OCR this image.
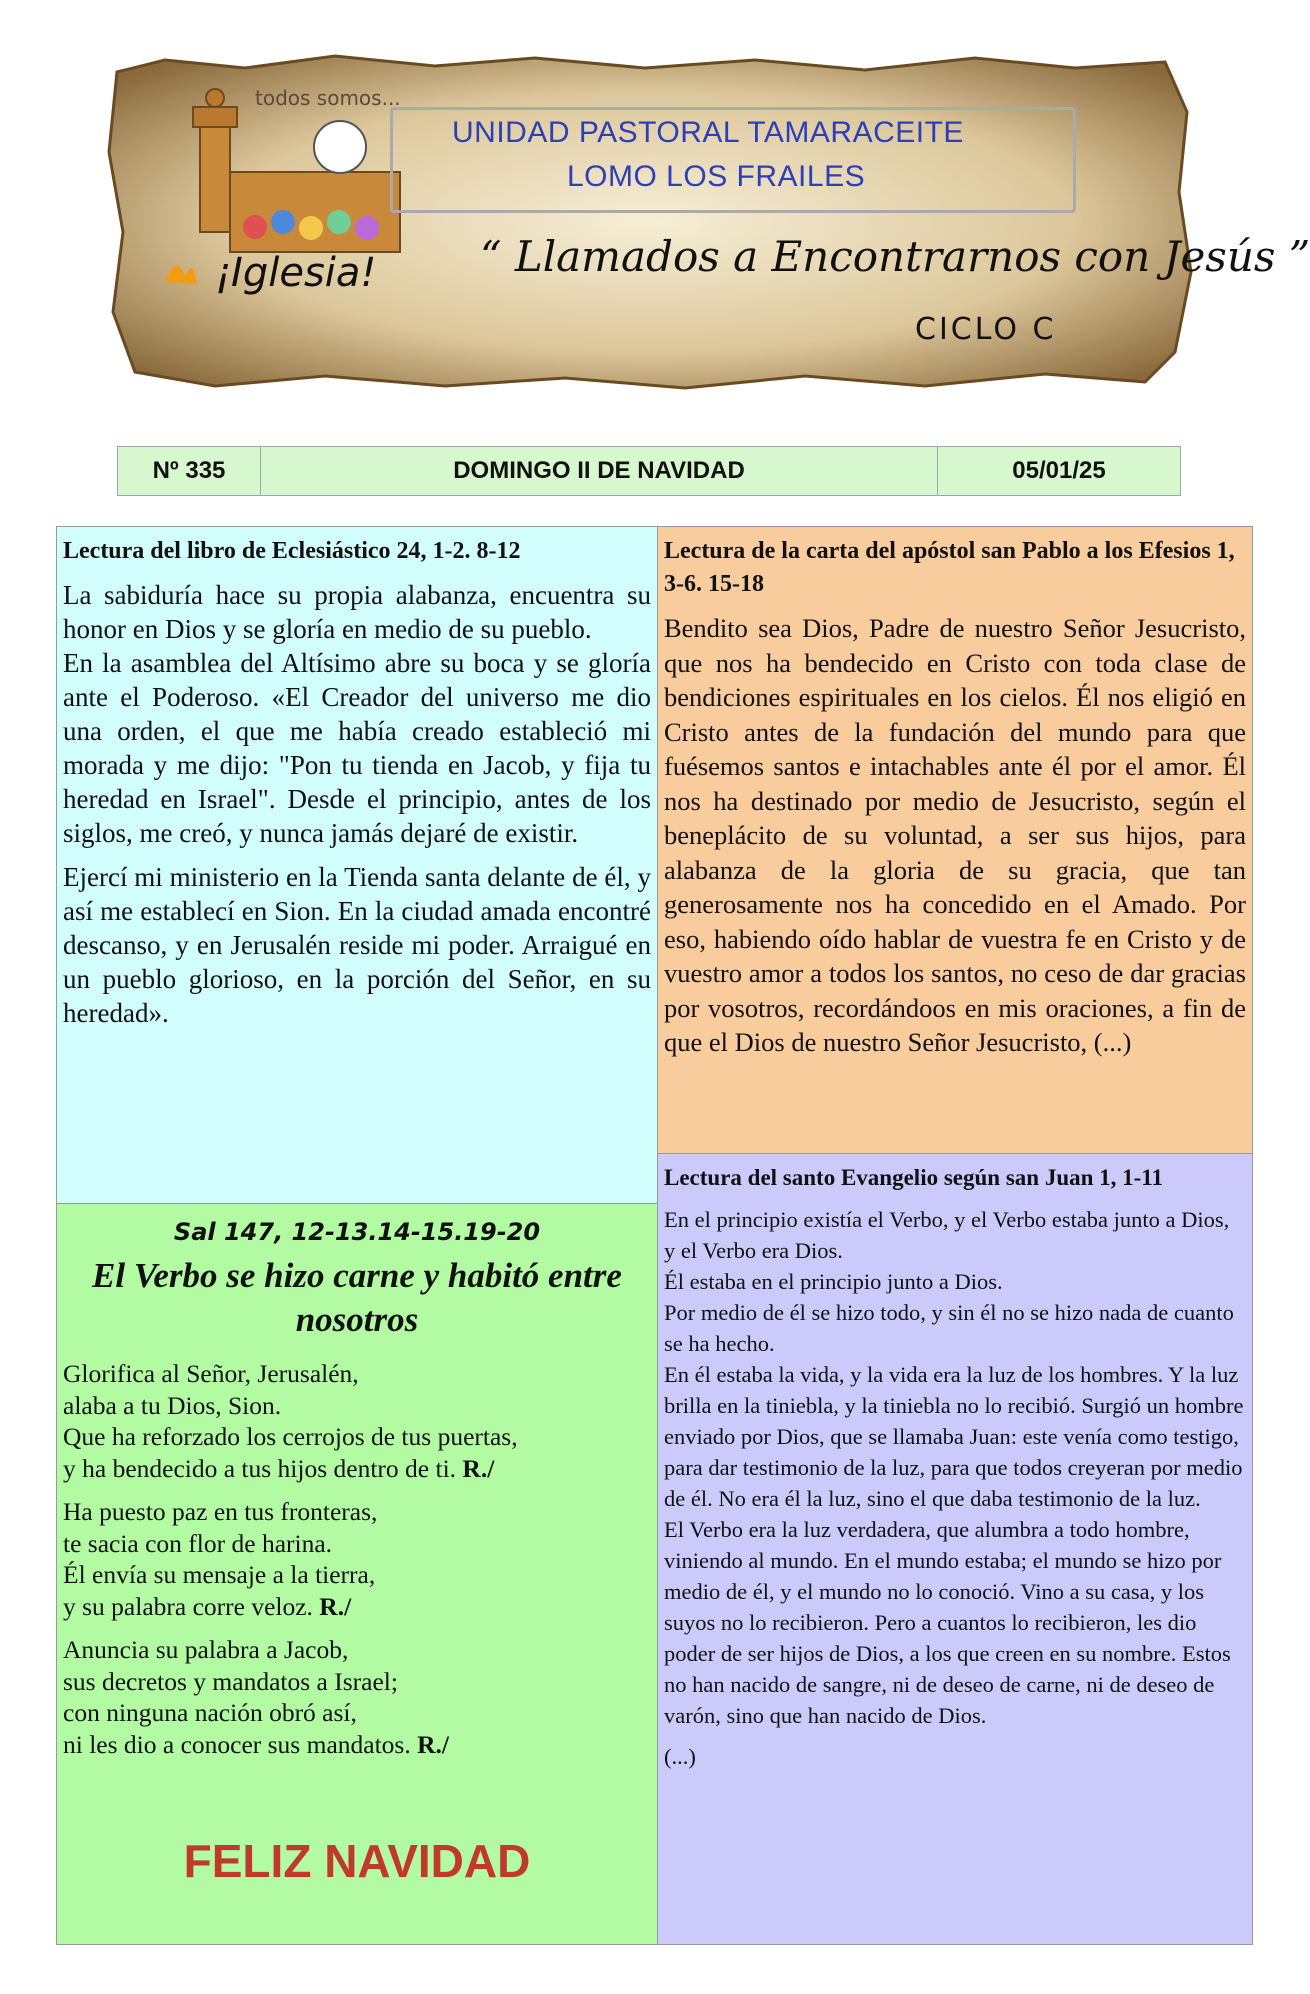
todos somos...
¡Iglesia!
UNIDAD PASTORAL TAMARACEITE
LOMO LOS FRAILES
“ Llamados a Encontrarnos con Jesús ”
CICLO C
Nº 335	DOMINGO II DE NAVIDAD	05/01/25

Lectura del libro de Eclesiástico 24, 1-2. 8-12

La sabiduría hace su propia alabanza, encuentra su honor en Dios y se gloría en medio de su pueblo.

En la asamblea del Altísimo abre su boca y se gloría ante el Poderoso. «El Creador del universo me dio una orden, el que me había creado estableció mi morada y me dijo: "Pon tu tienda en Jacob, y fija tu heredad en Israel". Desde el principio, antes de los siglos, me creó, y nunca jamás dejaré de existir.

Ejercí mi ministerio en la Tienda santa delante de él, y así me establecí en Sion. En la ciudad amada encontré descanso, y en Jerusalén reside mi poder. Arraigué en un pueblo glorioso, en la porción del Señor, en su heredad».

Lectura de la carta del apóstol san Pablo a los Efesios 1, 3-6. 15-18

Bendito sea Dios, Padre de nuestro Señor Jesucristo, que nos ha bendecido en Cristo con toda clase de bendiciones espirituales en los cielos. Él nos eligió en Cristo antes de la fundación del mundo para que fuésemos santos e intachables ante él por el amor. Él nos ha destinado por medio de Jesucristo, según el beneplácito de su voluntad, a ser sus hijos, para alabanza de la gloria de su gracia, que tan generosamente nos ha concedido en el Amado. Por eso, habiendo oído hablar de vuestra fe en Cristo y de vuestro amor a todos los santos, no ceso de dar gracias por vosotros, recordándoos en mis oraciones, a fin de que el Dios de nuestro Señor Jesucristo, (...)

Sal 147, 12-13.14-15.19-20
El Verbo se hizo carne y habitó entre nosotros
Glorifica al Señor, Jerusalén,
alaba a tu Dios, Sion.
Que ha reforzado los cerrojos de tus puertas,
y ha bendecido a tus hijos dentro de ti. R./
Ha puesto paz en tus fronteras,
te sacia con flor de harina.
Él envía su mensaje a la tierra,
y su palabra corre veloz. R./
Anuncia su palabra a Jacob,
sus decretos y mandatos a Israel;
con ninguna nación obró así,
ni les dio a conocer sus mandatos. R./
FELIZ NAVIDAD

Lectura del santo Evangelio según san Juan 1, 1-11

En el principio existía el Verbo, y el Verbo estaba junto a Dios, y el Verbo era Dios.
Él estaba en el principio junto a Dios.
Por medio de él se hizo todo, y sin él no se hizo nada de cuanto se ha hecho.
En él estaba la vida, y la vida era la luz de los hombres. Y la luz brilla en la tiniebla, y la tiniebla no lo recibió. Surgió un hombre enviado por Dios, que se llamaba Juan: este venía como testigo, para dar testimonio de la luz, para que todos creyeran por medio de él. No era él la luz, sino el que daba testimonio de la luz.
El Verbo era la luz verdadera, que alumbra a todo hombre, viniendo al mundo. En el mundo estaba; el mundo se hizo por medio de él, y el mundo no lo conoció. Vino a su casa, y los suyos no lo recibieron. Pero a cuantos lo recibieron, les dio poder de ser hijos de Dios, a los que creen en su nombre. Estos no han nacido de sangre, ni de deseo de carne, ni de deseo de varón, sino que han nacido de Dios.
(...)
